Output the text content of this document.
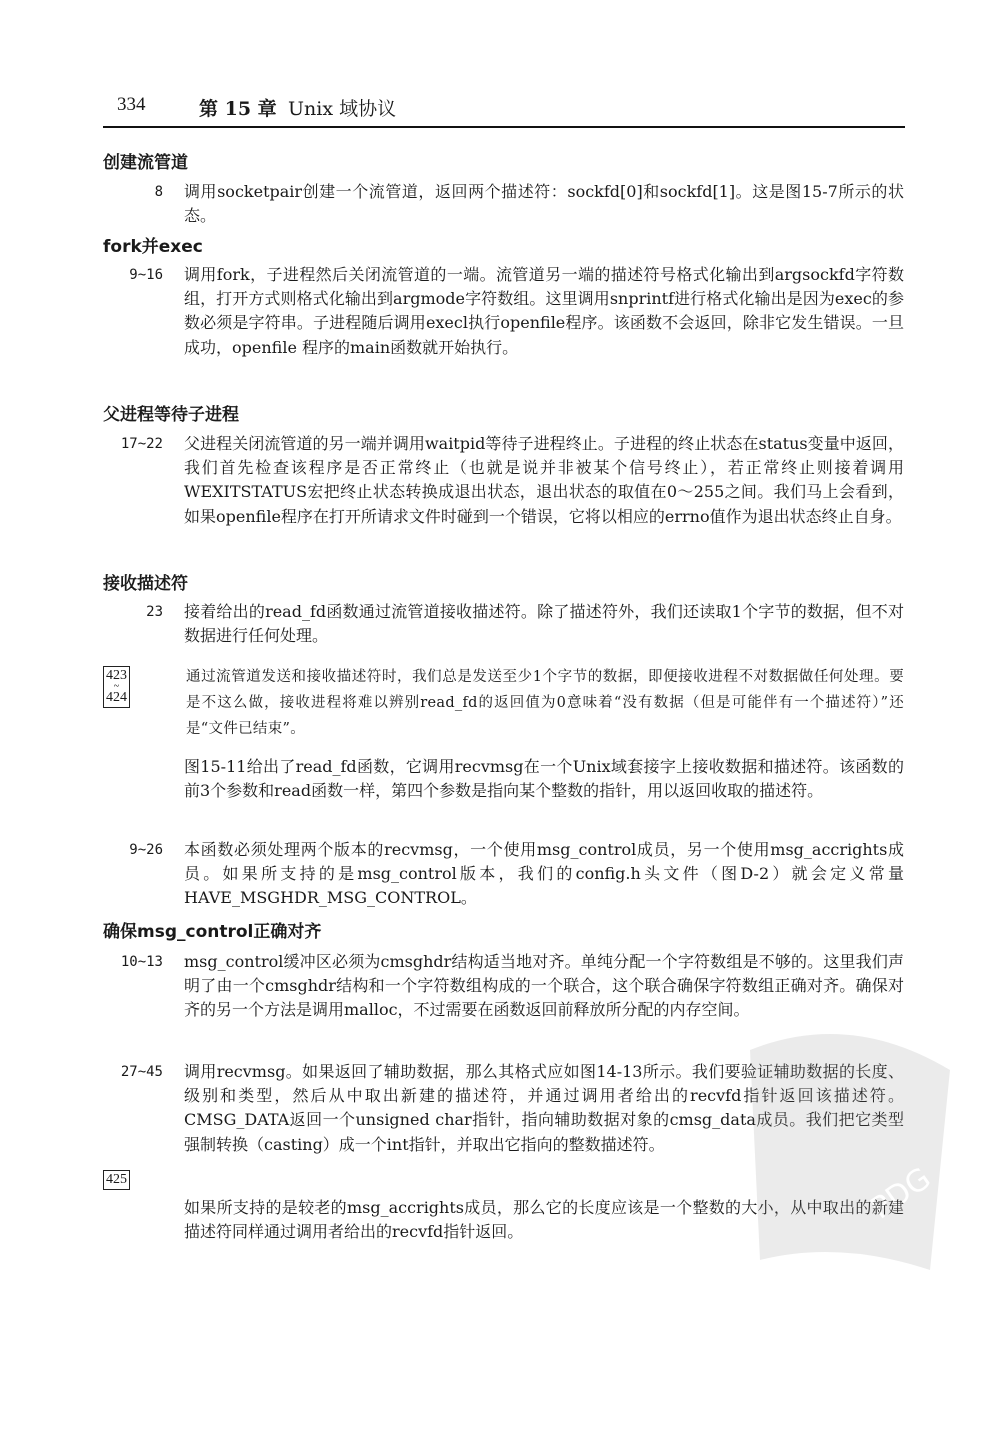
334	第 15 章 Unix 域协议
创建流管道
8 调用socketpair创建一个流管道，返回两个描述符：sockfd[0]和sockfd[1]。这是图15-7所示的状态。

fork并exec
9~16 调用fork，子进程然后关闭流管道的一端。流管道另一端的描述符号格式化输出到argsockfd字符数组，打开方式则格式化输出到argmode字符数组。这里调用snprintf进行格式化输出是因为exec的参数必须是字符串。子进程随后调用execl执行openfile程序。该函数不会返回，除非它发生错误。一旦成功，openfile 程序的main函数就开始执行。

父进程等待子进程
17~22 父进程关闭流管道的另一端并调用waitpid等待子进程终止。子进程的终止状态在status变量中返回，我们首先检查该程序是否正常终止（也就是说并非被某个信号终止），若正常终止则接着调用WEXITSTATUS宏把终止状态转换成退出状态，退出状态的取值在0～255之间。我们马上会看到，如果openfile程序在打开所请求文件时碰到一个错误，它将以相应的errno值作为退出状态终止自身。

接收描述符
23 接着给出的read_fd函数通过流管道接收描述符。除了描述符外，我们还读取1个字节的数据，但不对数据进行任何处理。

423
~
424

通过流管道发送和接收描述符时，我们总是发送至少1个字节的数据，即便接收进程不对数据做任何处理。要是不这么做，接收进程将难以辨别read_fd的返回值为0意味着“没有数据（但是可能伴有一个描述符）”还是“文件已结束”。

图15-11给出了read_fd函数，它调用recvmsg在一个Unix域套接字上接收数据和描述符。该函数的前3个参数和read函数一样，第四个参数是指向某个整数的指针，用以返回收取的描述符。

9~26 本函数必须处理两个版本的recvmsg，一个使用msg_control成员，另一个使用msg_accrights成员。如果所支持的是msg_control版本，我们的config.h头文件（图D-2）就会定义常量HAVE_MSGHDR_MSG_CONTROL。

确保msg_control正确对齐
10~13 msg_control缓冲区必须为cmsghdr结构适当地对齐。单纯分配一个字符数组是不够的。这里我们声明了由一个cmsghdr结构和一个字符数组构成的一个联合，这个联合确保字符数组正确对齐。确保对齐的另一个方法是调用malloc，不过需要在函数返回前释放所分配的内存空间。

27~45 调用recvmsg。如果返回了辅助数据，那么其格式应如图14-13所示。我们要验证辅助数据的长度、级别和类型，然后从中取出新建的描述符，并通过调用者给出的recvfd指针返回该描述符。CMSG_DATA返回一个unsigned char指针，指向辅助数据对象的cmsg_data成员。我们把它类型强制转换（casting）成一个int指针，并取出它指向的整数描述符。

425

如果所支持的是较老的msg_accrights成员，那么它的长度应该是一个整数的大小，从中取出的新建描述符同样通过调用者给出的recvfd指针返回。

PDG
